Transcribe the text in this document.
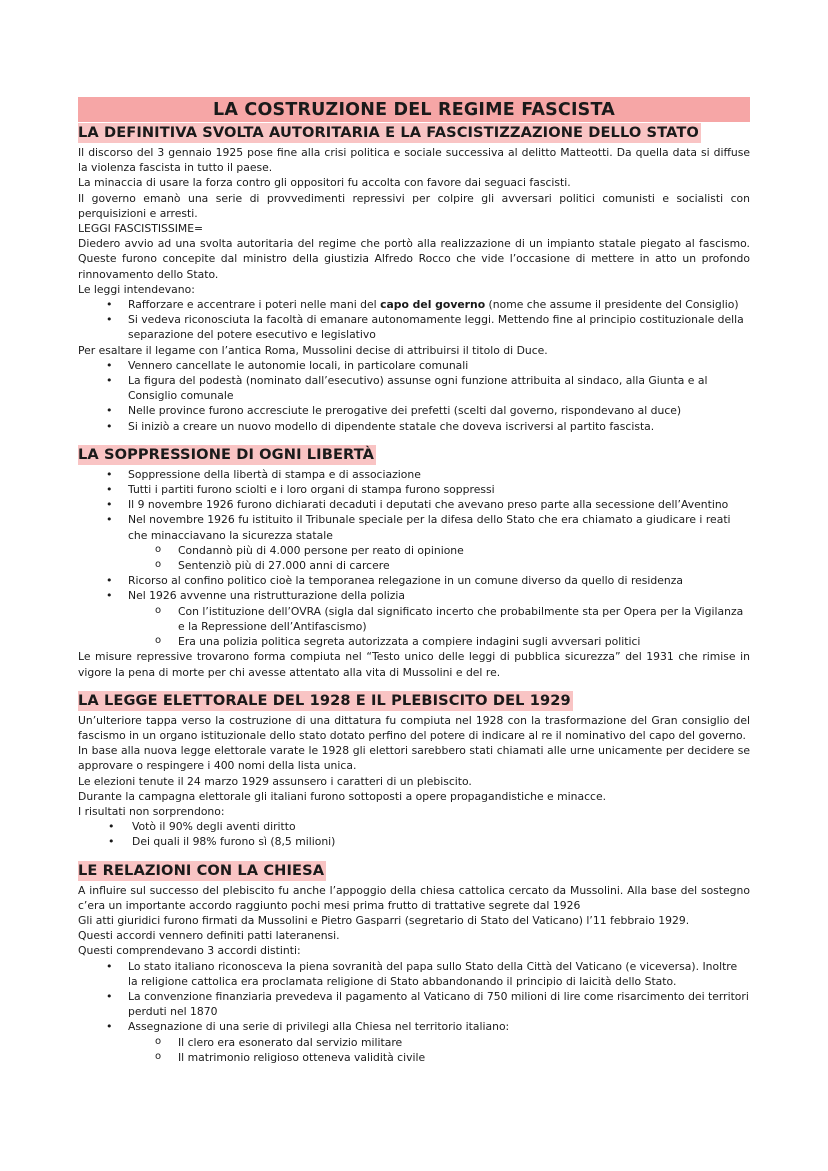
LA COSTRUZIONE DEL REGIME FASCISTA
LA DEFINITIVA SVOLTA AUTORITARIA E LA FASCISTIZZAZIONE DELLO STATO

Il discorso del 3 gennaio 1925 pose fine alla crisi politica e sociale successiva al delitto Matteotti. Da quella data si diffuse la violenza fascista in tutto il paese.

La minaccia di usare la forza contro gli oppositori fu accolta con favore dai seguaci fascisti.

Il governo emanò una serie di provvedimenti repressivi per colpire gli avversari politici comunisti e socialisti con perquisizioni e arresti.

LEGGI FASCISTISSIME=

Diedero avvio ad una svolta autoritaria del regime che portò alla realizzazione di un impianto statale piegato al fascismo. Queste furono concepite dal ministro della giustizia Alfredo Rocco che vide l’occasione di mettere in atto un profondo rinnovamento dello Stato.

Le leggi intendevano:

• Rafforzare e accentrare i poteri nelle mani del capo del governo (nome che assume il presidente del Consiglio)
• Si vedeva riconosciuta la facoltà di emanare autonomamente leggi. Mettendo fine al principio costituzionale della separazione del potere esecutivo e legislativo

Per esaltare il legame con l’antica Roma, Mussolini decise di attribuirsi il titolo di Duce.

• Vennero cancellate le autonomie locali, in particolare comunali
• La figura del podestà (nominato dall’esecutivo) assunse ogni funzione attribuita al sindaco, alla Giunta e al Consiglio comunale
• Nelle province furono accresciute le prerogative dei prefetti (scelti dal governo, rispondevano al duce)
• Si iniziò a creare un nuovo modello di dipendente statale che doveva iscriversi al partito fascista.
LA SOPPRESSIONE DI OGNI LIBERTÀ
• Soppressione della libertà di stampa e di associazione
• Tutti i partiti furono sciolti e i loro organi di stampa furono soppressi
• Il 9 novembre 1926 furono dichiarati decaduti i deputati che avevano preso parte alla secessione dell’Aventino
• Nel novembre 1926 fu istituito il Tribunale speciale per la difesa dello Stato che era chiamato a giudicare i reati che minacciavano la sicurezza statale
o Condannò più di 4.000 persone per reato di opinione
o Sentenziò più di 27.000 anni di carcere
• Ricorso al confino politico cioè la temporanea relegazione in un comune diverso da quello di residenza
• Nel 1926 avvenne una ristrutturazione della polizia
o Con l’istituzione dell’OVRA (sigla dal significato incerto che probabilmente sta per Opera per la Vigilanza e la Repressione dell’Antifascismo)
o Era una polizia politica segreta autorizzata a compiere indagini sugli avversari politici

Le misure repressive trovarono forma compiuta nel “Testo unico delle leggi di pubblica sicurezza” del 1931 che rimise in vigore la pena di morte per chi avesse attentato alla vita di Mussolini e del re.

LA LEGGE ELETTORALE DEL 1928 E IL PLEBISCITO DEL 1929

Un’ulteriore tappa verso la costruzione di una dittatura fu compiuta nel 1928 con la trasformazione del Gran consiglio del fascismo in un organo istituzionale dello stato dotato perfino del potere di indicare al re il nominativo del capo del governo.

In base alla nuova legge elettorale varate le 1928 gli elettori sarebbero stati chiamati alle urne unicamente per decidere se approvare o respingere i 400 nomi della lista unica.

Le elezioni tenute il 24 marzo 1929 assunsero i caratteri di un plebiscito.

Durante la campagna elettorale gli italiani furono sottoposti a opere propagandistiche e minacce.

I risultati non sorprendono:

• Votò il 90% degli aventi diritto
• Dei quali il 98% furono sì (8,5 milioni)
LE RELAZIONI CON LA CHIESA

A influire sul successo del plebiscito fu anche l’appoggio della chiesa cattolica cercato da Mussolini. Alla base del sostegno c’era un importante accordo raggiunto pochi mesi prima frutto di trattative segrete dal 1926

Gli atti giuridici furono firmati da Mussolini e Pietro Gasparri (segretario di Stato del Vaticano) l’11 febbraio 1929.

Questi accordi vennero definiti patti lateranensi.

Questi comprendevano 3 accordi distinti:

• Lo stato italiano riconosceva la piena sovranità del papa sullo Stato della Città del Vaticano (e viceversa). Inoltre la religione cattolica era proclamata religione di Stato abbandonando il principio di laicità dello Stato.
• La convenzione finanziaria prevedeva il pagamento al Vaticano di 750 milioni di lire come risarcimento dei territori perduti nel 1870
• Assegnazione di una serie di privilegi alla Chiesa nel territorio italiano:
o Il clero era esonerato dal servizio militare
o Il matrimonio religioso otteneva validità civile
